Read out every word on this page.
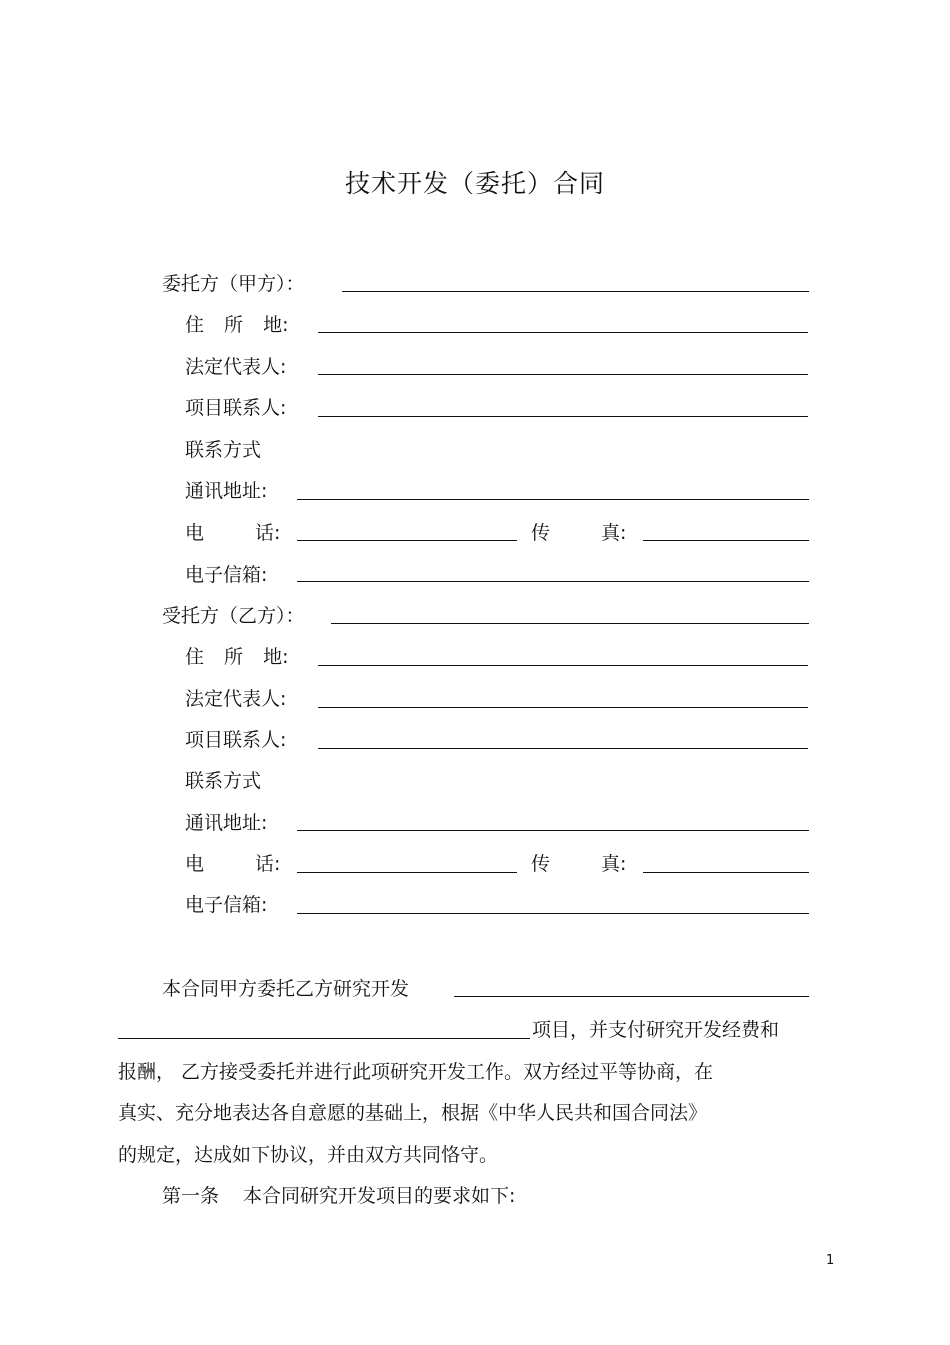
技术开发（委托）合同
委托方（甲方）：
住 所 地:
法定代表人:
项目联系人:
联系方式
通讯地址:
电 话:	传 真:
电子信箱:
受托方（乙方）：
住 所 地:
法定代表人:
项目联系人:
联系方式
通讯地址:
电 话:	传 真:
电子信箱:
本合同甲方委托乙方研究开发
项目，并支付研究开发经费和
报酬， 乙方接受委托并进行此项研究开发工作。双方经过平等协商，在
真实、充分地表达各自意愿的基础上，根据《中华人民共和国合同法》
的规定，达成如下协议，并由双方共同恪守。
第一条 本合同研究开发项目的要求如下:
1
